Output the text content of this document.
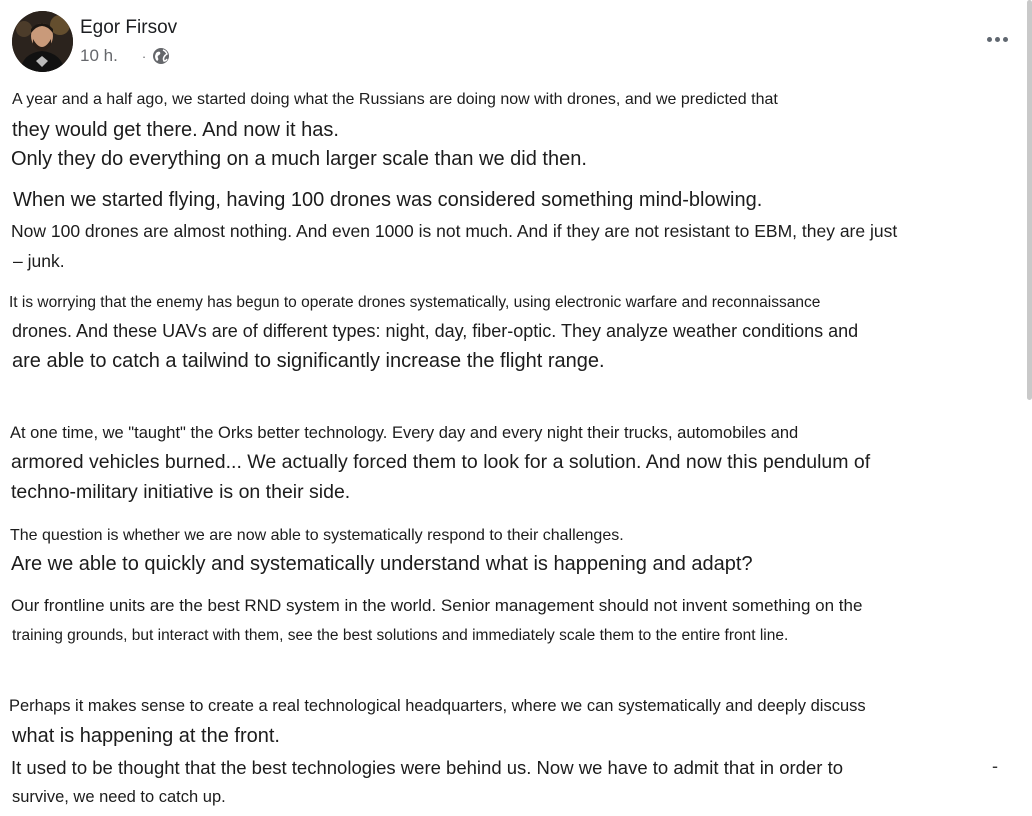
Egor Firsov
10 h. ·
A year and a half ago, we started doing what the Russians are doing now with drones, and we predicted that
they would get there. And now it has.
Only they do everything on a much larger scale than we did then.
When we started flying, having 100 drones was considered something mind-blowing.
Now 100 drones are almost nothing. And even 1000 is not much. And if they are not resistant to EBM, they are just
– junk.
It is worrying that the enemy has begun to operate drones systematically, using electronic warfare and reconnaissance
drones. And these UAVs are of different types: night, day, fiber-optic. They analyze weather conditions and
are able to catch a tailwind to significantly increase the flight range.
At one time, we "taught" the Orks better technology. Every day and every night their trucks, automobiles and
armored vehicles burned... We actually forced them to look for a solution. And now this pendulum of
techno-military initiative is on their side.
The question is whether we are now able to systematically respond to their challenges.
Are we able to quickly and systematically understand what is happening and adapt?
Our frontline units are the best RND system in the world. Senior management should not invent something on the
training grounds, but interact with them, see the best solutions and immediately scale them to the entire front line.
Perhaps it makes sense to create a real technological headquarters, where we can systematically and deeply discuss
what is happening at the front.
It used to be thought that the best technologies were behind us. Now we have to admit that in order to
survive, we need to catch up.
-
